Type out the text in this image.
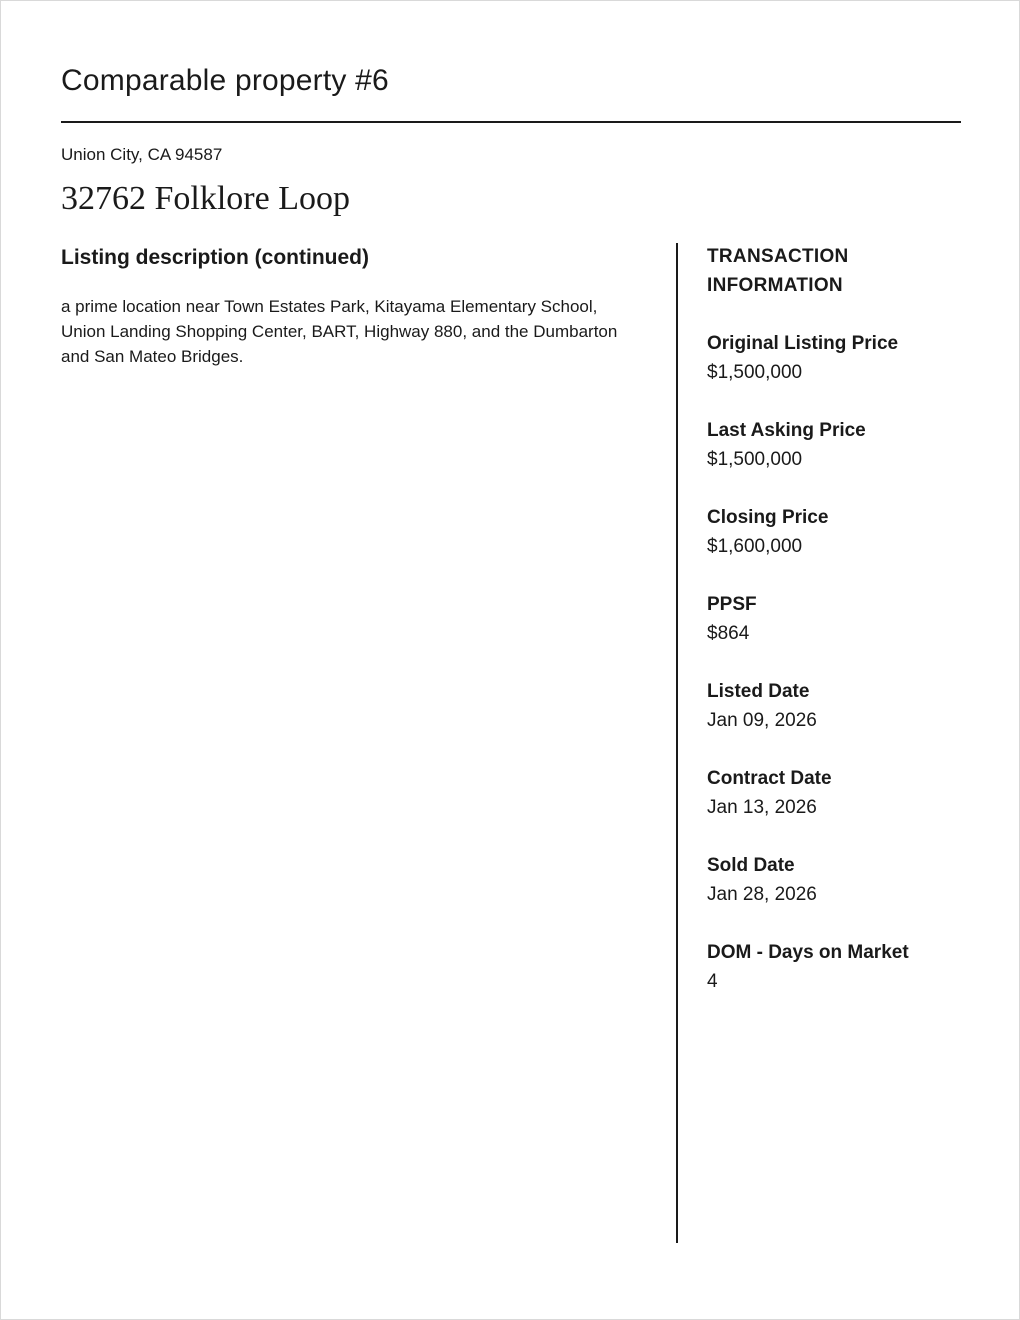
Comparable property #6
Union City, CA 94587
32762 Folklore Loop
Listing description (continued)

a prime location near Town Estates Park, Kitayama Elementary School, Union Landing Shopping Center, BART, Highway 880, and the Dumbarton and San Mateo Bridges.

TRANSACTION INFORMATION
Original Listing Price
$1,500,000
Last Asking Price
$1,500,000
Closing Price
$1,600,000
PPSF
$864
Listed Date
Jan 09, 2026
Contract Date
Jan 13, 2026
Sold Date
Jan 28, 2026
DOM - Days on Market
4
